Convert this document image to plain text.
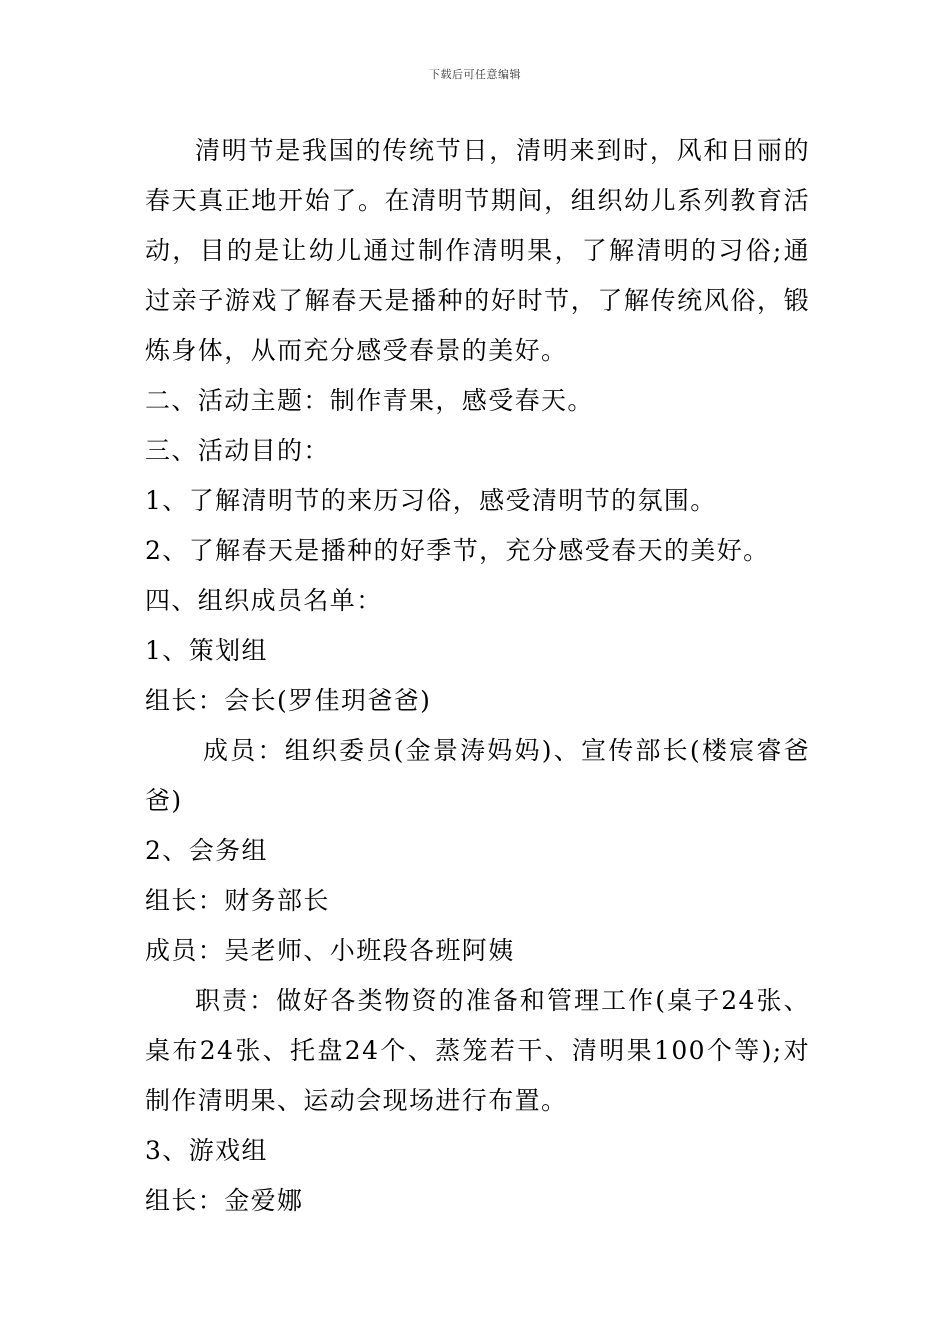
下载后可任意编辑

清明节是我国的传统节日，清明来到时，风和日丽的春天真正地开始了。在清明节期间，组织幼儿系列教育活动，目的是让幼儿通过制作清明果，了解清明的习俗;通过亲子游戏了解春天是播种的好时节，了解传统风俗，锻炼身体，从而充分感受春景的美好。

二、活动主题：制作青果，感受春天。

三、活动目的：

1、了解清明节的来历习俗，感受清明节的氛围。

2、了解春天是播种的好季节，充分感受春天的美好。

四、组织成员名单：

1、策划组

组长：会长(罗佳玥爸爸)

成员：组织委员(金景涛妈妈)、宣传部长(楼宸睿爸爸)

2、会务组

组长：财务部长

成员：吴老师、小班段各班阿姨

职责：做好各类物资的准备和管理工作(桌子24张、桌布24张、托盘24个、蒸笼若干、清明果100个等);对制作清明果、运动会现场进行布置。

3、游戏组

组长：金爱娜
